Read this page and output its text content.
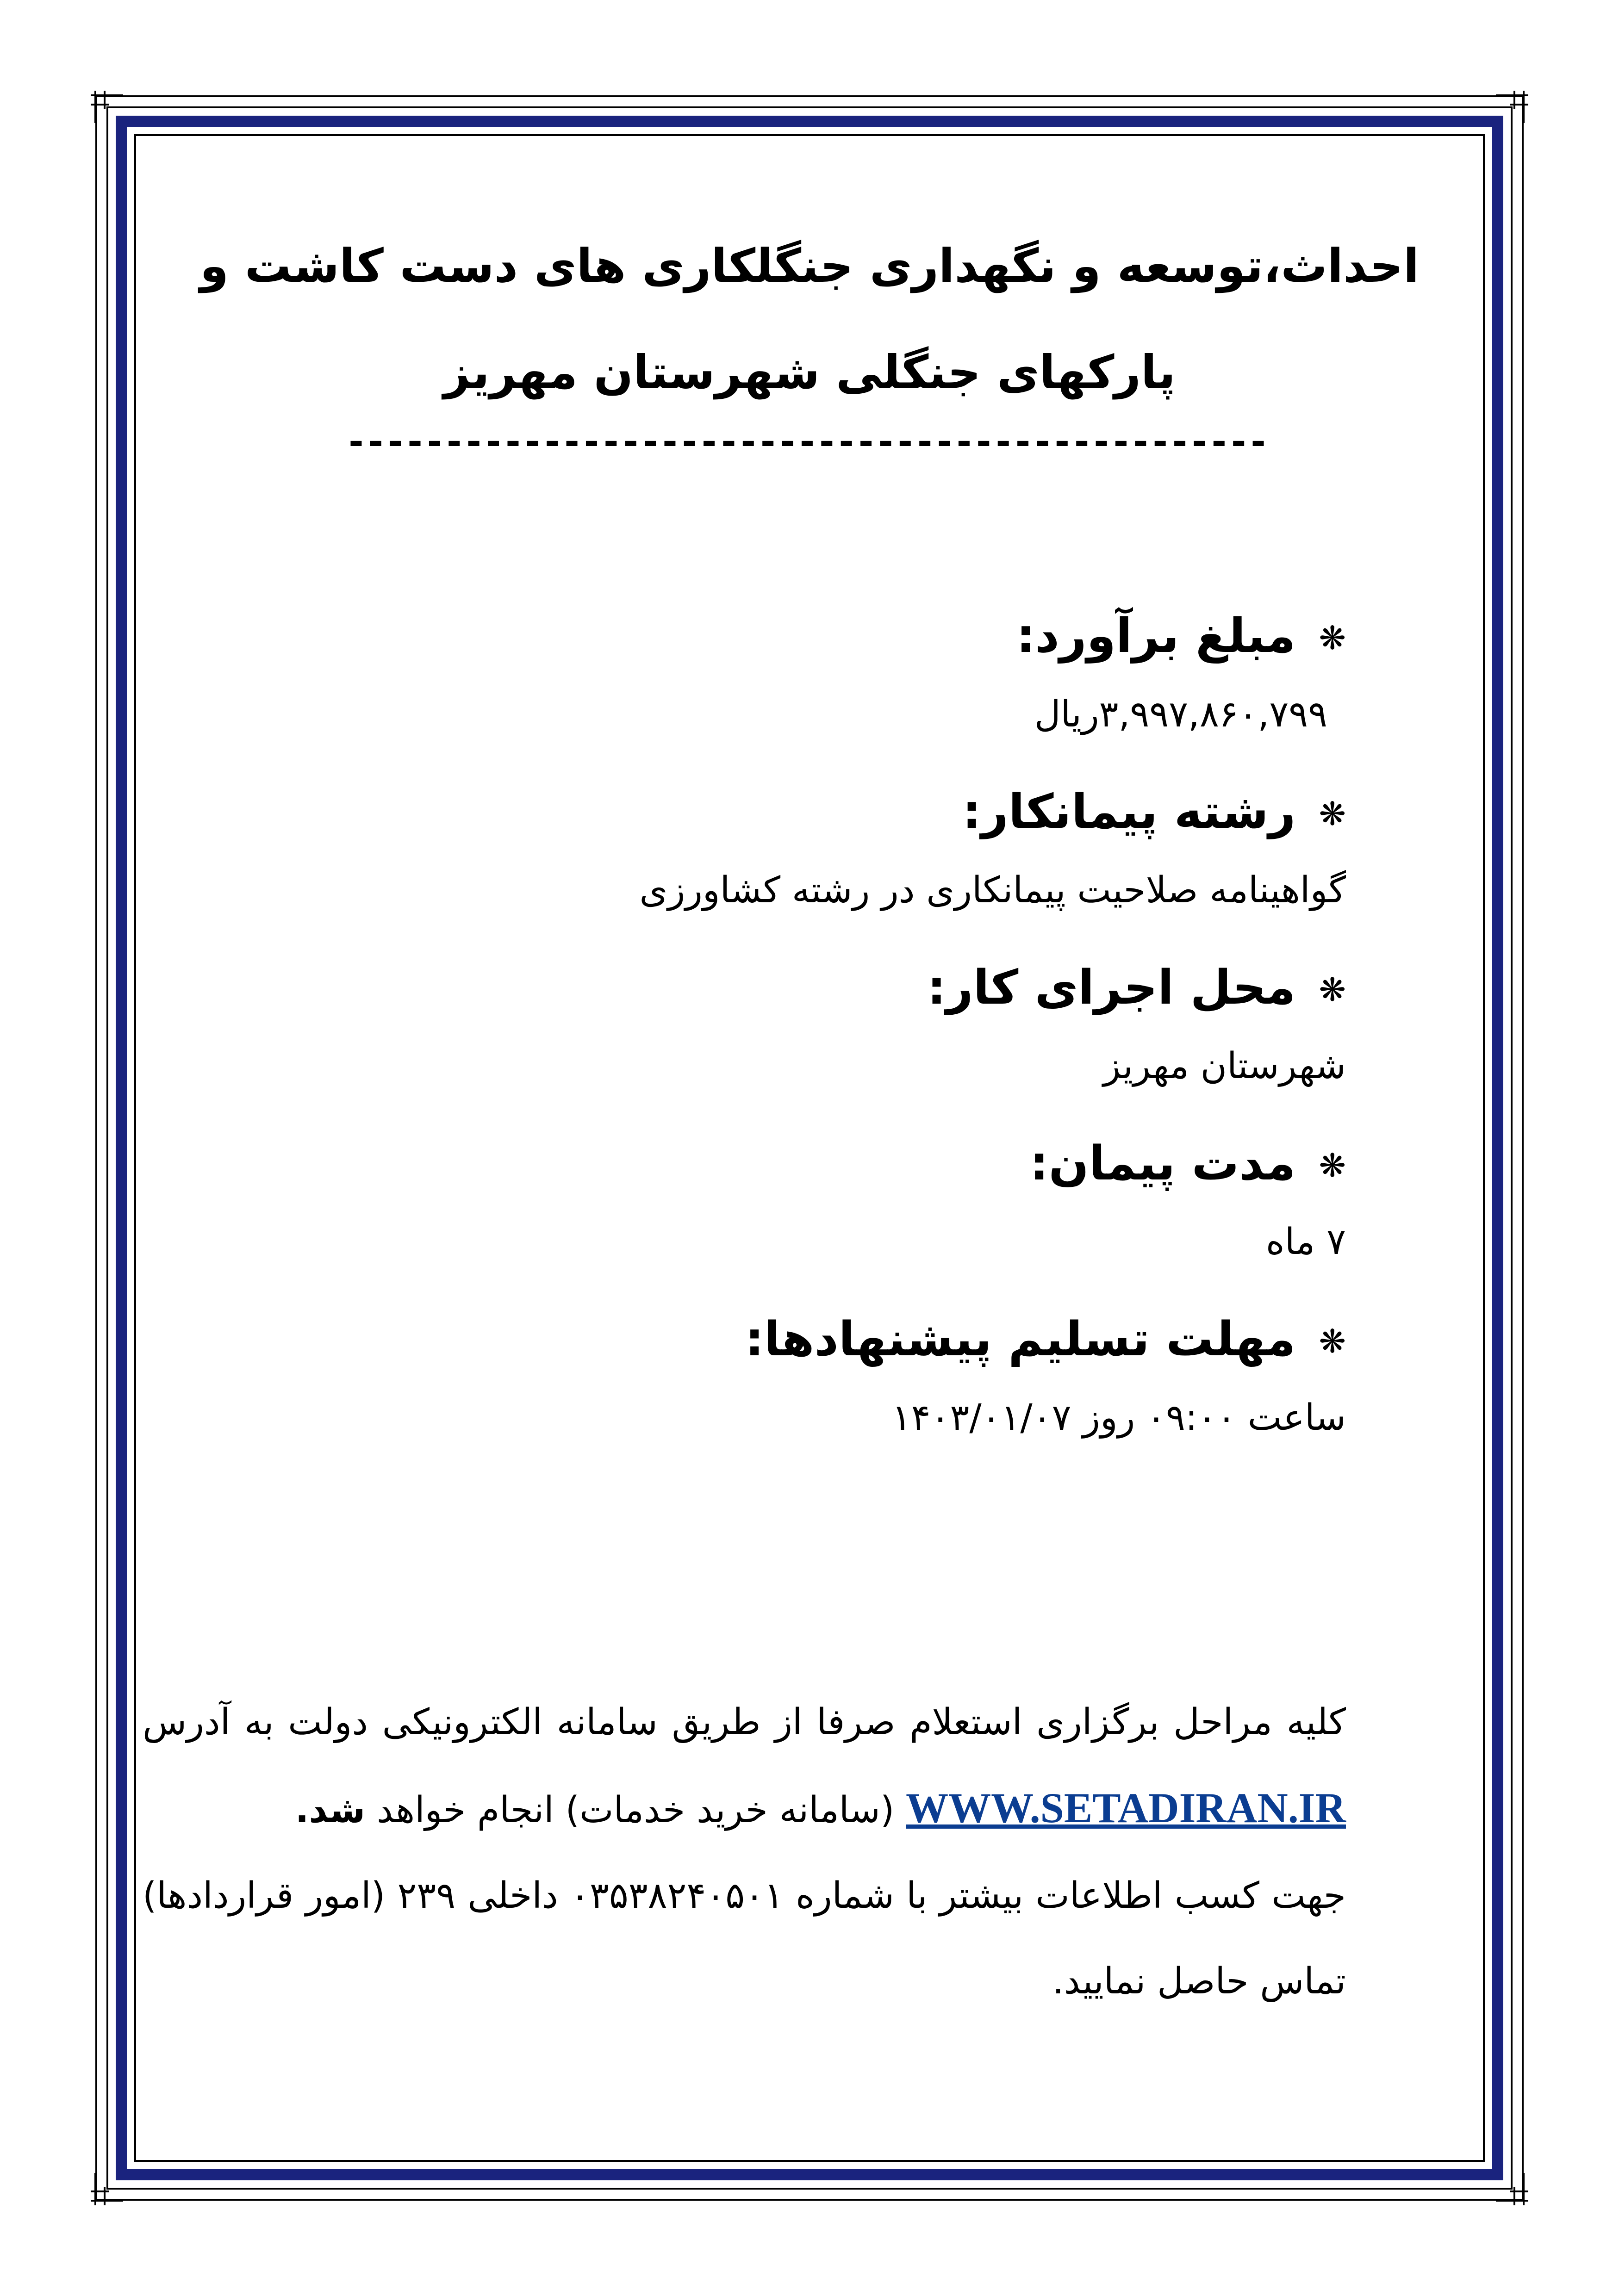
احداث،توسعه و نگهداری جنگلکاری های دست کاشت و
پارکهای جنگلی شهرستان مهریز
-----------------------------------------------
❋مبلغ برآورد:
۳,۹۹۷,۸۶۰,۷۹۹ریال
❋رشته پیمانکار:
گواهینامه صلاحیت پیمانکاری در رشته کشاورزی
❋محل اجرای کار:
شهرستان مهریز
❋مدت پیمان:
۷ ماه
❋مهلت تسلیم پیشنهادها:
ساعت ۰۹:۰۰ روز ۱۴۰۳/۰۱/۰۷

کلیه مراحل برگزاری استعلام صرفا از طریق سامانه الکترونیکی دولت به آدرس WWW.SETADIRAN.IR (سامانه خرید خدمات) انجام خواهد شد.

جهت کسب اطلاعات بیشتر با شماره ۰۳۵۳۸۲۴۰۵۰۱ داخلی ۲۳۹ (امور قراردادها) تماس حاصل نمایید.
